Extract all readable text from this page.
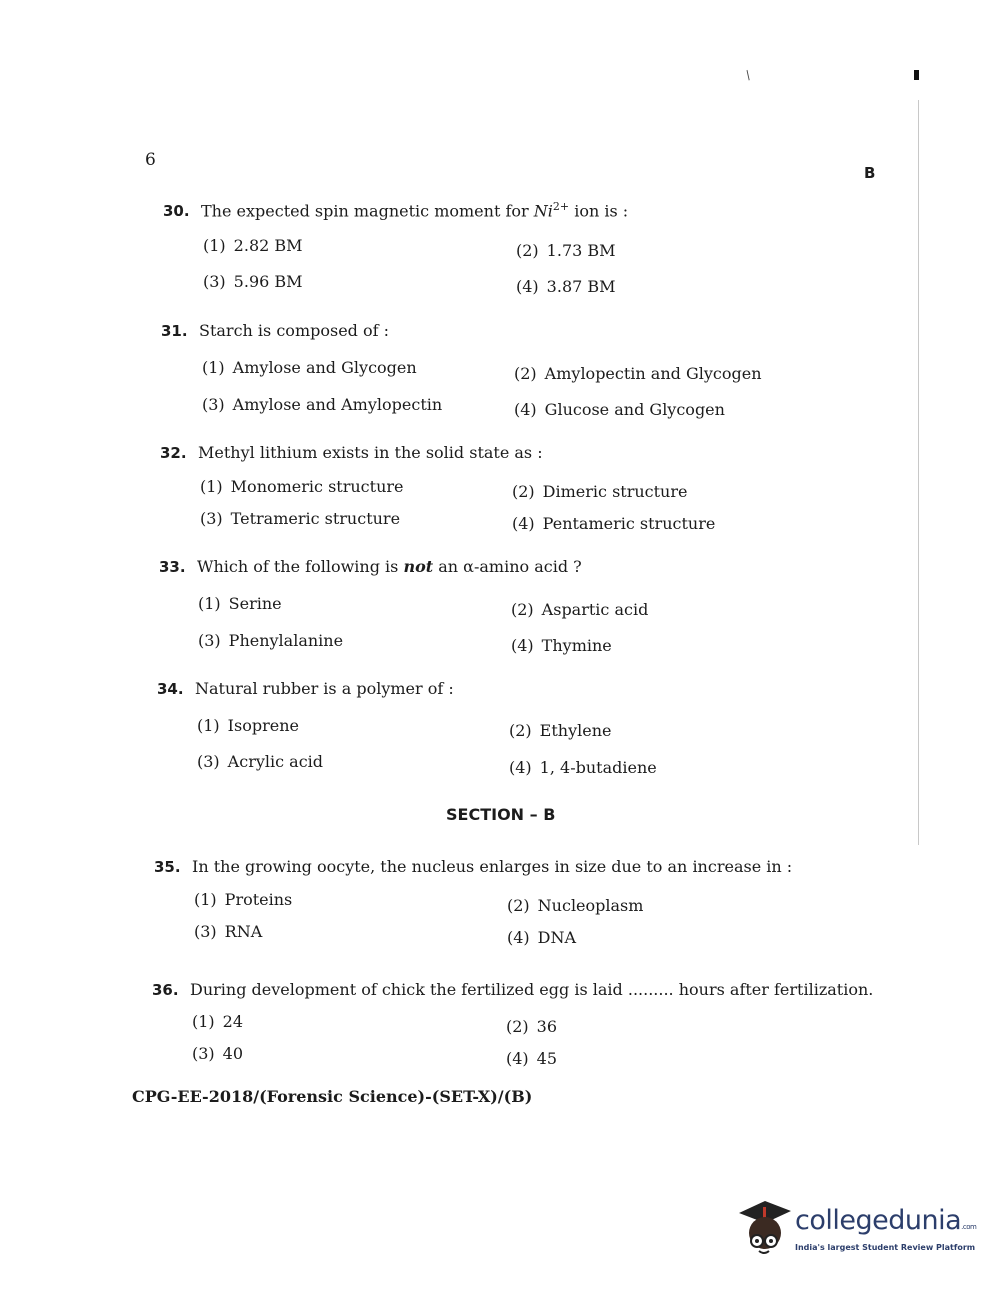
/
6
B
30. The expected spin magnetic moment for $Ni^{2+}$ ion is :
(1) 2.82 BM	(2) 1.73 BM
(3) 5.96 BM	(4) 3.87 BM
31. Starch is composed of :
(1) Amylose and Glycogen	(2) Amylopectin and Glycogen
(3) Amylose and Amylopectin	(4) Glucose and Glycogen
32. Methyl lithium exists in the solid state as :
(1) Monomeric structure	(2) Dimeric structure
(3) Tetrameric structure	(4) Pentameric structure
33. Which of the following is not an α-amino acid ?
(1) Serine	(2) Aspartic acid
(3) Phenylalanine	(4) Thymine
34. Natural rubber is a polymer of :
(1) Isoprene	(2) Ethylene
(3) Acrylic acid	(4) 1, 4-butadiene
SECTION – B
35. In the growing oocyte, the nucleus enlarges in size due to an increase in :
(1) Proteins	(2) Nucleoplasm
(3) RNA	(4) DNA
36. During development of chick the fertilized egg is laid ......... hours after fertilization.
(1) 24	(2) 36
(3) 40	(4) 45
CPG-EE-2018/(Forensic Science)-(SET-X)/(B)
collegedunia.com
India's largest Student Review Platform
